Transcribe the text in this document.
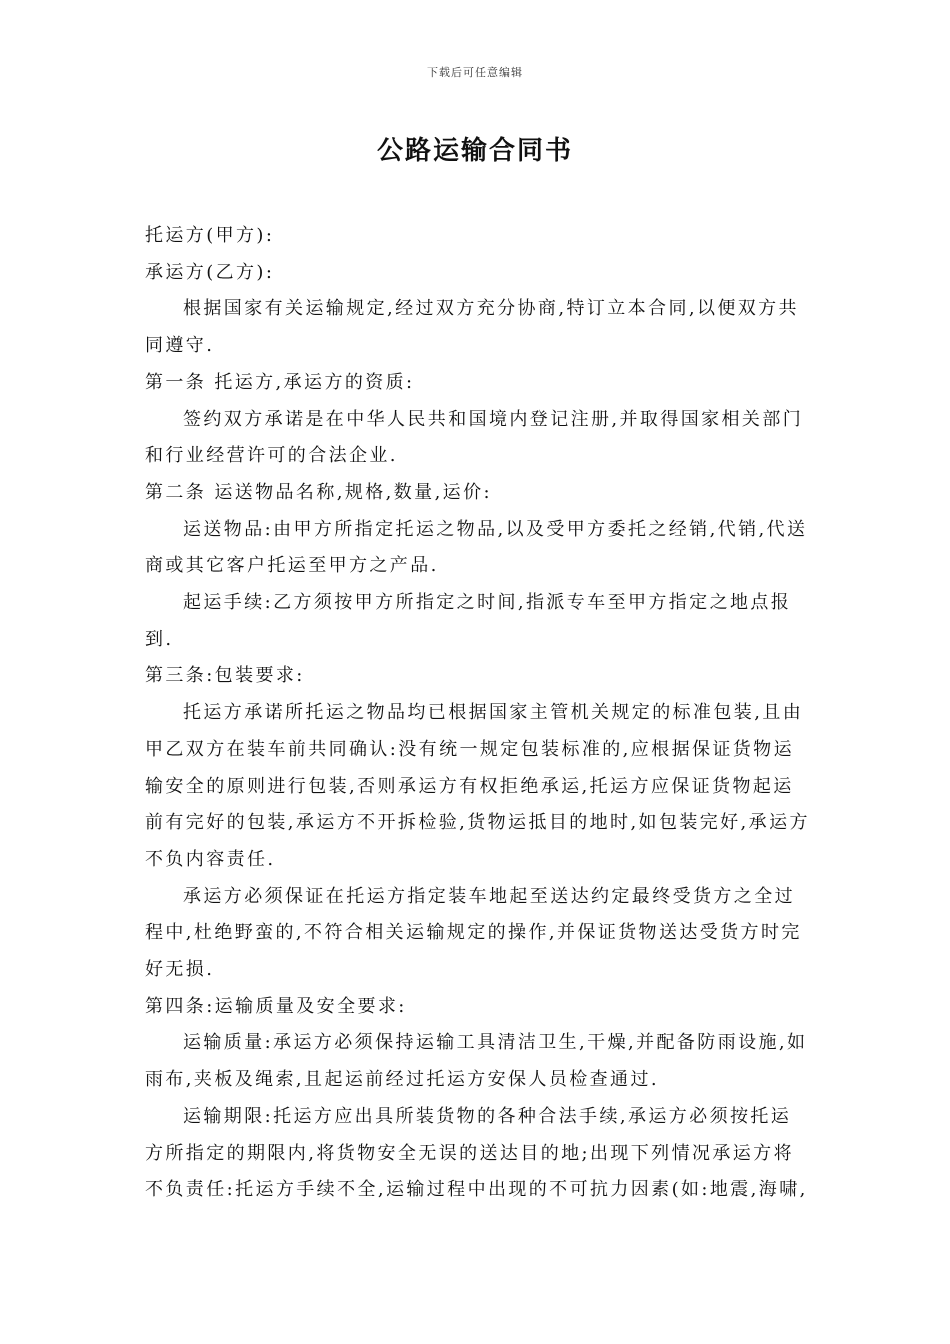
下载后可任意编辑
公路运输合同书

托运方(甲方):

承运方(乙方):

根据国家有关运输规定,经过双方充分协商,特订立本合同,以便双方共同遵守.

第一条 托运方,承运方的资质:

签约双方承诺是在中华人民共和国境内登记注册,并取得国家相关部门和行业经营许可的合法企业.

第二条 运送物品名称,规格,数量,运价:

运送物品:由甲方所指定托运之物品,以及受甲方委托之经销,代销,代送商或其它客户托运至甲方之产品.

起运手续:乙方须按甲方所指定之时间,指派专车至甲方指定之地点报到.

第三条:包装要求:

托运方承诺所托运之物品均已根据国家主管机关规定的标准包装,且由甲乙双方在装车前共同确认:没有统一规定包装标准的,应根据保证货物运输安全的原则进行包装,否则承运方有权拒绝承运,托运方应保证货物起运前有完好的包装,承运方不开拆检验,货物运抵目的地时,如包装完好,承运方不负内容责任.

承运方必须保证在托运方指定装车地起至送达约定最终受货方之全过程中,杜绝野蛮的,不符合相关运输规定的操作,并保证货物送达受货方时完好无损.

第四条:运输质量及安全要求:

运输质量:承运方必须保持运输工具清洁卫生,干燥,并配备防雨设施,如雨布,夹板及绳索,且起运前经过托运方安保人员检查通过.

运输期限:托运方应出具所装货物的各种合法手续,承运方必须按托运方所指定的期限内,将货物安全无误的送达目的地;出现下列情况承运方将不负责任:托运方手续不全,运输过程中出现的不可抗力因素(如:地震,海啸,
